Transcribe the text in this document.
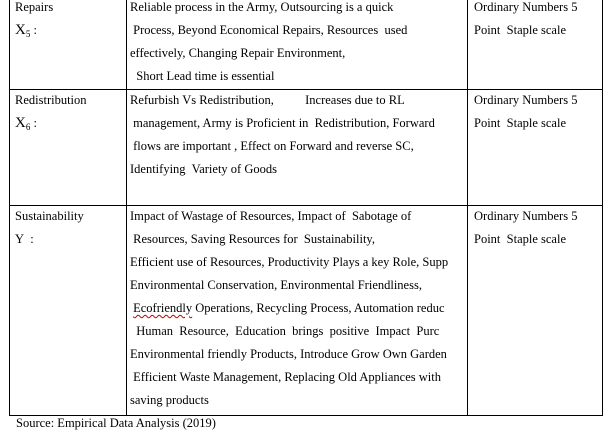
Repairs
$X_5$ :
Reliable process in the Army, Outsourcing is a quick
Process, Beyond Economical Repairs, Resources  used
effectively, Changing Repair Environment,
Short Lead time is essential
Ordinary Numbers 5
Point  Staple scale
Redistribution
$X_6$ :
Refurbish Vs Redistribution,          Increases due to RL
management, Army is Proficient in  Redistribution, Forward
flows are important , Effect on Forward and reverse SC,
Identifying  Variety of Goods
Ordinary Numbers 5
Point  Staple scale
Sustainability
Y  :
Impact of Wastage of Resources, Impact of  Sabotage of
Resources, Saving Resources for  Sustainability,
Efficient use of Resources, Productivity Plays a key Role, Supp
Environmental Conservation, Environmental Friendliness,
Ecofriendly Operations, Recycling Process, Automation reduc
Human  Resource,  Education  brings  positive  Impact  Purc
Environmental friendly Products, Introduce Grow Own Garden
Efficient Waste Management, Replacing Old Appliances with
saving products
Ordinary Numbers 5
Point  Staple scale
Source: Empirical Data Analysis (2019)
